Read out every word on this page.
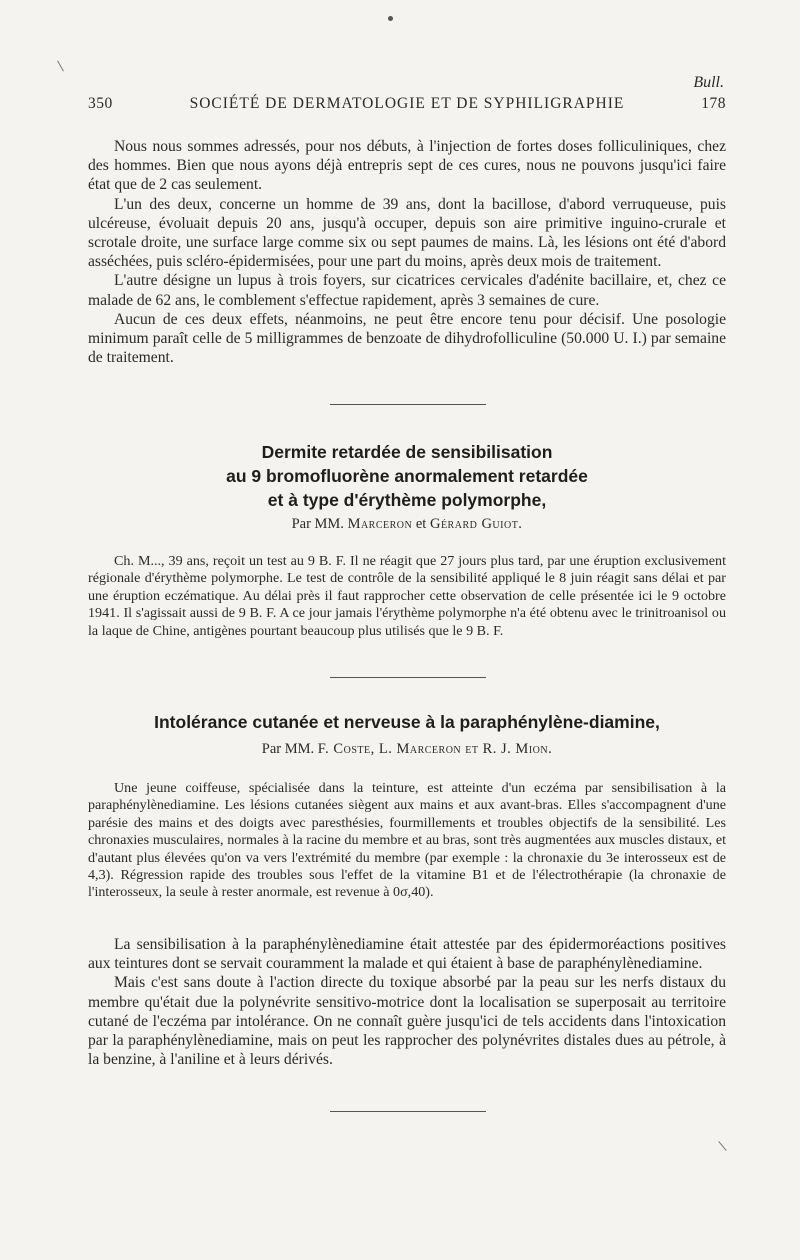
Bull.
350	SOCIÉTÉ DE DERMATOLOGIE ET DE SYPHILIGRAPHIE	178

Nous nous sommes adressés, pour nos débuts, à l'injection de fortes doses folliculiniques, chez des hommes. Bien que nous ayons déjà entrepris sept de ces cures, nous ne pouvons jusqu'ici faire état que de 2 cas seulement.

L'un des deux, concerne un homme de 39 ans, dont la bacillose, d'abord verruqueuse, puis ulcéreuse, évoluait depuis 20 ans, jusqu'à occuper, depuis son aire primitive inguino-crurale et scrotale droite, une surface large comme six ou sept paumes de mains. Là, les lésions ont été d'abord asséchées, puis scléro-épidermisées, pour une part du moins, après deux mois de traitement.

L'autre désigne un lupus à trois foyers, sur cicatrices cervicales d'adénite bacillaire, et, chez ce malade de 62 ans, le comblement s'effectue rapidement, après 3 semaines de cure.

Aucun de ces deux effets, néanmoins, ne peut être encore tenu pour décisif. Une posologie minimum paraît celle de 5 milligrammes de benzoate de dihydrofolliculine (50.000 U. I.) par semaine de traitement.

Dermite retardée de sensibilisation
au 9 bromofluorène anormalement retardée
et à type d'érythème polymorphe,
Par MM. Marceron et Gérard Guiot.

Ch. M..., 39 ans, reçoit un test au 9 B. F. Il ne réagit que 27 jours plus tard, par une éruption exclusivement régionale d'érythème polymorphe. Le test de contrôle de la sensibilité appliqué le 8 juin réagit sans délai et par une éruption eczématique. Au délai près il faut rapprocher cette observation de celle présentée ici le 9 octobre 1941. Il s'agissait aussi de 9 B. F. A ce jour jamais l'érythème polymorphe n'a été obtenu avec le trinitroanisol ou la laque de Chine, antigènes pourtant beaucoup plus utilisés que le 9 B. F.

Intolérance cutanée et nerveuse à la paraphénylène-diamine,
Par MM. F. Coste, L. Marceron et R. J. Mion.

Une jeune coiffeuse, spécialisée dans la teinture, est atteinte d'un eczéma par sensibilisation à la paraphénylènediamine. Les lésions cutanées siègent aux mains et aux avant-bras. Elles s'accompagnent d'une parésie des mains et des doigts avec paresthésies, fourmillements et troubles objectifs de la sensibilité. Les chronaxies musculaires, normales à la racine du membre et au bras, sont très augmentées aux muscles distaux, et d'autant plus élevées qu'on va vers l'extrémité du membre (par exemple : la chronaxie du 3e interosseux est de 4,3). Régression rapide des troubles sous l'effet de la vitamine B1 et de l'électrothérapie (la chronaxie de l'interosseux, la seule à rester anormale, est revenue à 0σ,40).

La sensibilisation à la paraphénylènediamine était attestée par des épidermoréactions positives aux teintures dont se servait couramment la malade et qui étaient à base de paraphénylènediamine.

Mais c'est sans doute à l'action directe du toxique absorbé par la peau sur les nerfs distaux du membre qu'était due la polynévrite sensitivo-motrice dont la localisation se superposait au territoire cutané de l'eczéma par intolérance. On ne connaît guère jusqu'ici de tels accidents dans l'intoxication par la paraphénylènediamine, mais on peut les rapprocher des polynévrites distales dues au pétrole, à la benzine, à l'aniline et à leurs dérivés.
